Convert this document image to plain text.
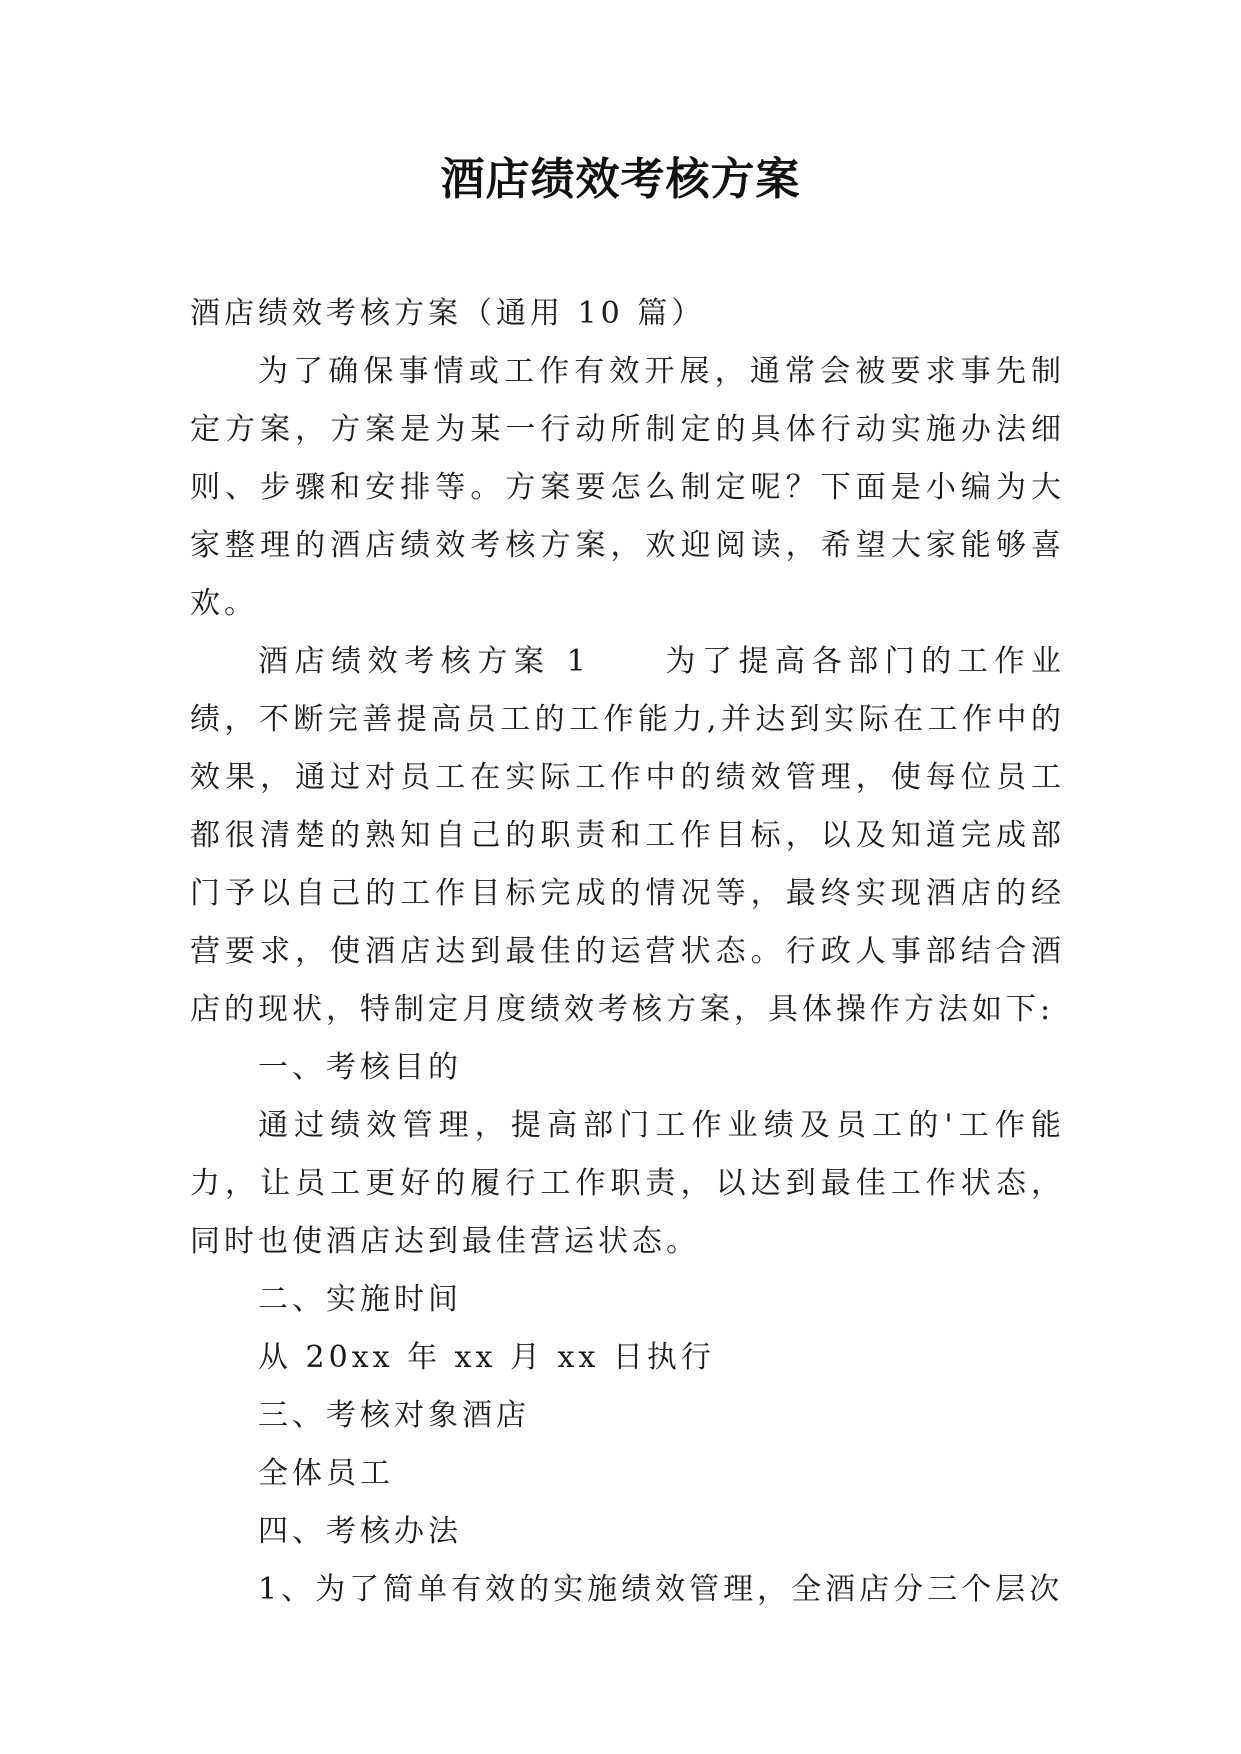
酒店绩效考核方案

酒店绩效考核方案（通用 10 篇）

为了确保事情或工作有效开展，通常会被要求事先制定方案，方案是为某一行动所制定的具体行动实施办法细则、步骤和安排等。方案要怎么制定呢？下面是小编为大家整理的酒店绩效考核方案，欢迎阅读，希望大家能够喜欢。

酒店绩效考核方案 1　　为了提高各部门的工作业绩，不断完善提高员工的工作能力,并达到实际在工作中的效果，通过对员工在实际工作中的绩效管理，使每位员工都很清楚的熟知自己的职责和工作目标，以及知道完成部门予以自己的工作目标完成的情况等，最终实现酒店的经营要求，使酒店达到最佳的运营状态。行政人事部结合酒店的现状，特制定月度绩效考核方案，具体操作方法如下:

一、考核目的

通过绩效管理，提高部门工作业绩及员工的'工作能力，让员工更好的履行工作职责，以达到最佳工作状态，同时也使酒店达到最佳营运状态。

二、实施时间

从 20xx 年 xx 月 xx 日执行

三、考核对象酒店

全体员工

四、考核办法

1、为了简单有效的实施绩效管理，全酒店分三个层次
